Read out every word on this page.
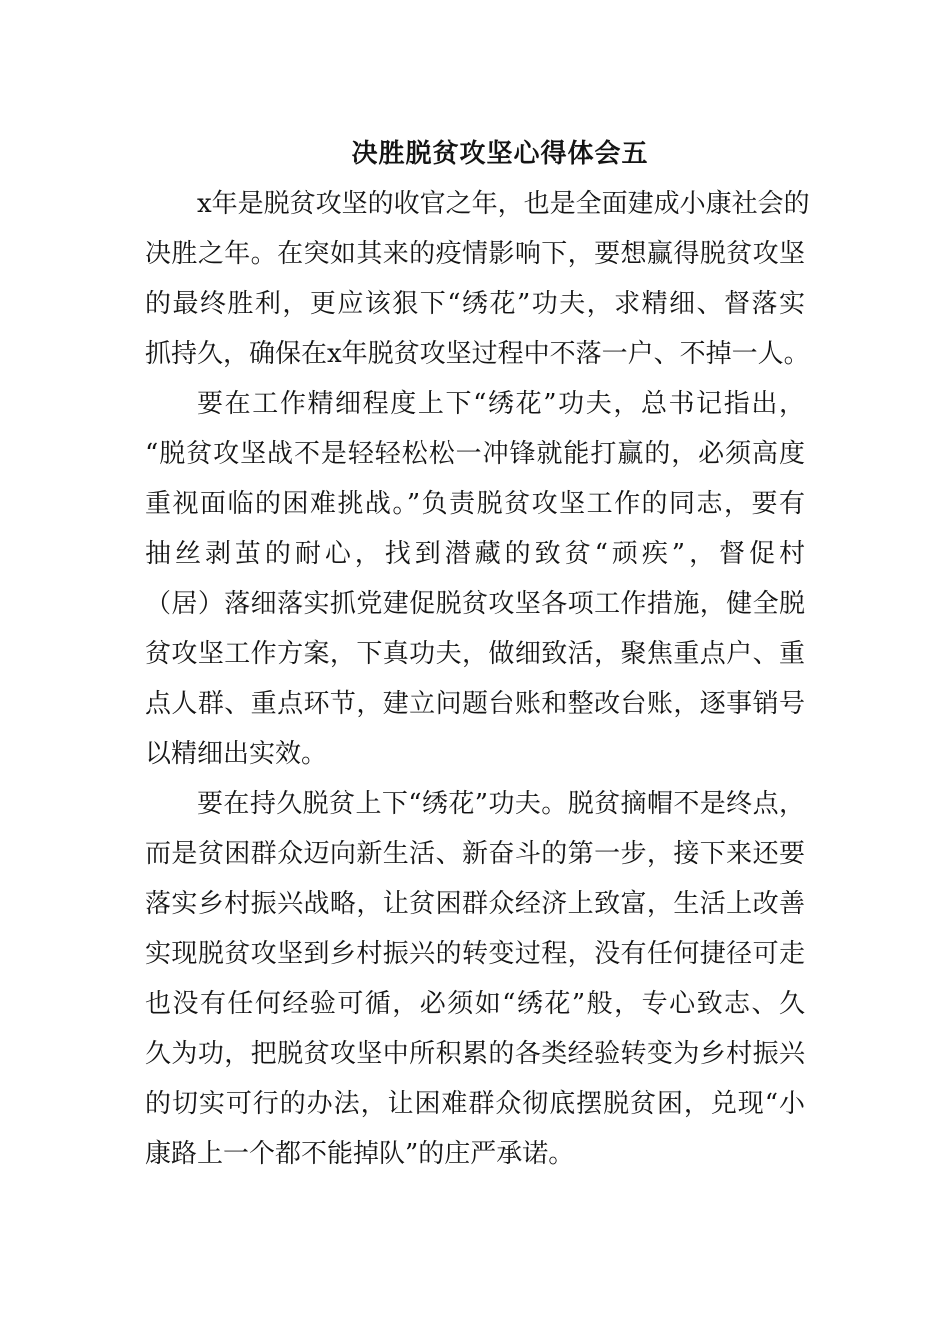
决胜脱贫攻坚心得体会五

x年是脱贫攻坚的收官之年，也是全面建成小康社会的

决胜之年。在突如其来的疫情影响下，要想赢得脱贫攻坚

的最终胜利，更应该狠下“绣花”功夫，求精细、督落实

抓持久，确保在x年脱贫攻坚过程中不落一户、不掉一人。

要在工作精细程度上下“绣花”功夫，总书记指出，

“脱贫攻坚战不是轻轻松松一冲锋就能打赢的，必须高度

重视面临的困难挑战。”负责脱贫攻坚工作的同志，要有

抽丝剥茧的耐心，找到潜藏的致贫“顽疾”，督促村

（居）落细落实抓党建促脱贫攻坚各项工作措施，健全脱

贫攻坚工作方案，下真功夫，做细致活，聚焦重点户、重

点人群、重点环节，建立问题台账和整改台账，逐事销号

以精细出实效。

要在持久脱贫上下“绣花”功夫。脱贫摘帽不是终点，

而是贫困群众迈向新生活、新奋斗的第一步，接下来还要

落实乡村振兴战略，让贫困群众经济上致富，生活上改善

实现脱贫攻坚到乡村振兴的转变过程，没有任何捷径可走

也没有任何经验可循，必须如“绣花”般，专心致志、久

久为功，把脱贫攻坚中所积累的各类经验转变为乡村振兴

的切实可行的办法，让困难群众彻底摆脱贫困，兑现“小

康路上一个都不能掉队”的庄严承诺。
